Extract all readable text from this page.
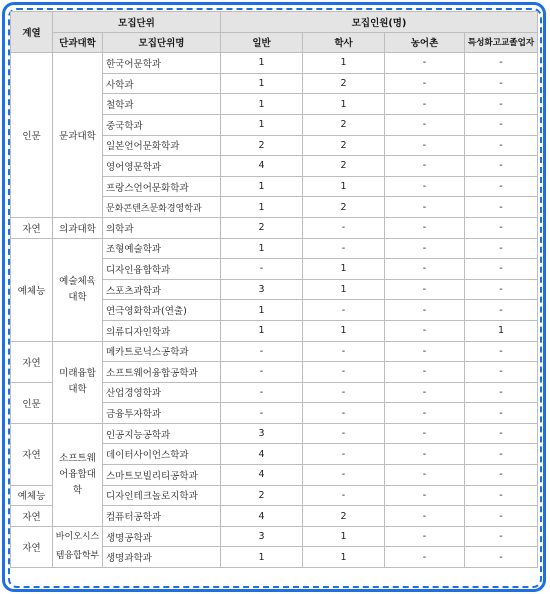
계열	모집단위		모집인원(명)			
	단과대학	모집단위명	일반	학사	농어촌	특성화고교졸업자
인문	문과대학	한국어문학과	1	1	-	-
		사학과	1	2	-	-
		철학과	1	1	-	-
		중국학과	1	2	-	-
		일본언어문화학과	2	2	-	-
		영어영문학과	4	2	-	-
		프랑스언어문화학과	1	1	-	-
		문화콘텐츠문화경영학과	1	2	-	-
자연	의과대학	의학과	2	-	-	-
예체능	예술체육대학	조형예술학과	1	-	-	-
		디자인융합학과	-	1	-	-
		스포츠과학과	3	1	-	-
		연극영화학과(연출)	1	-	-	-
		의류디자인학과	1	1	-	1
자연	미래융합대학	메카트로닉스공학과	-	-	-	-
		소프트웨어융합공학과	-	-	-	-
인문		산업경영학과	-	-	-	-
		금융투자학과	-	-	-	-
자연	소프트웨어융합대학	인공지능공학과	3	-	-	-
		데이터사이언스학과	4	-	-	-
		스마트모빌리티공학과	4	-	-	-
예체능		디자인테크놀로지학과	2	-	-	-
자연		컴퓨터공학과	4	2	-	-
자연	바이오시스템융합학부	생명공학과	3	1	-	-
		생명과학과	1	1	-	-
